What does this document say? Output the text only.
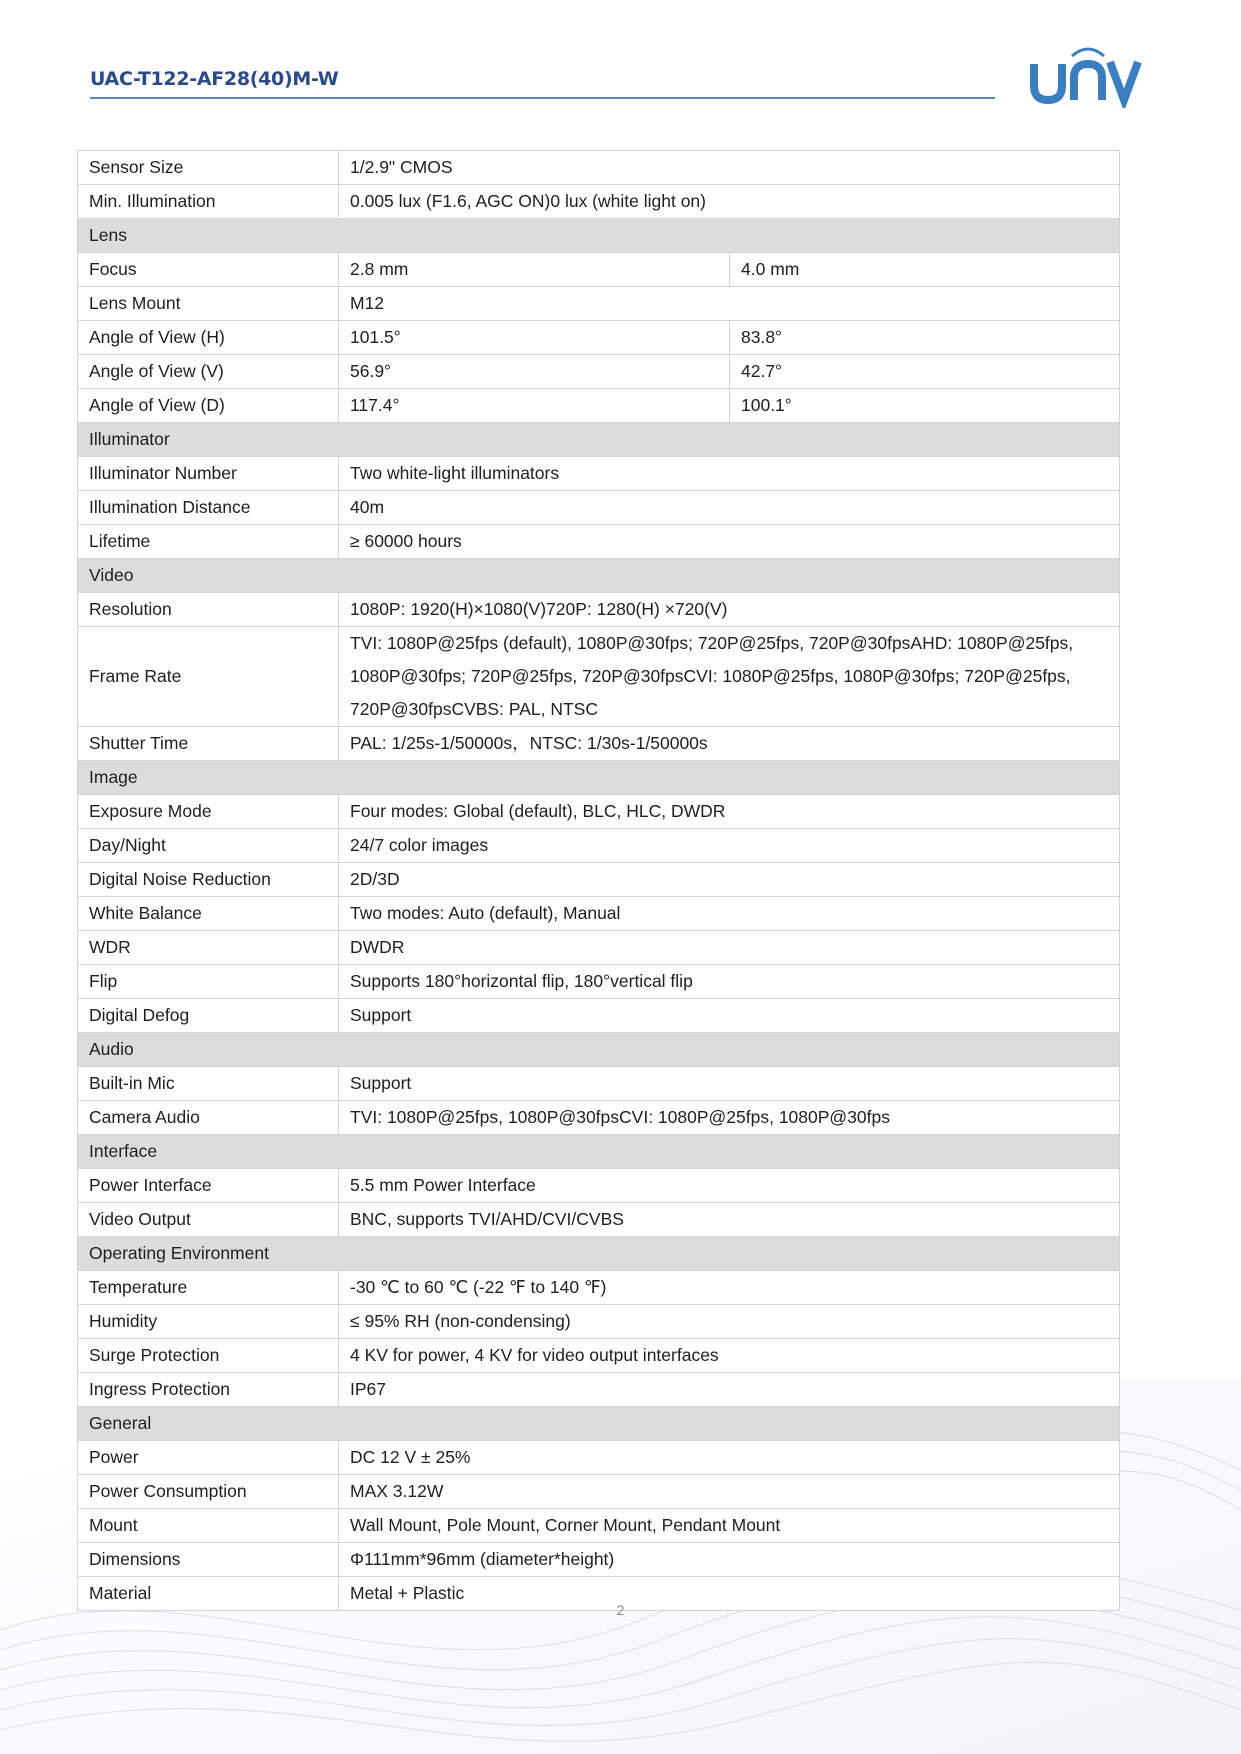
UAC-T122-AF28(40)M-W
Sensor Size	1/2.9" CMOS	
Min. Illumination	0.005 lux (F1.6, AGC ON)0 lux (white light on)	
Lens		
Focus	2.8 mm	4.0 mm
Lens Mount	M12	
Angle of View (H)	101.5°	83.8°
Angle of View (V)	56.9°	42.7°
Angle of View (D)	117.4°	100.1°
Illuminator		
Illuminator Number	Two white-light illuminators	
Illumination Distance	40m	
Lifetime	≥ 60000 hours	
Video		
Resolution	1080P: 1920(H)×1080(V)720P: 1280(H) ×720(V)	
Frame Rate	TVI: 1080P@25fps (default), 1080P@30fps; 720P@25fps, 720P@30fpsAHD: 1080P@25fps,
1080P@30fps; 720P@25fps, 720P@30fpsCVI: 1080P@25fps, 1080P@30fps; 720P@25fps,
720P@30fpsCVBS: PAL, NTSC	

Shutter Time	PAL: 1/25s-1/50000s，NTSC: 1/30s-1/50000s	
Image		
Exposure Mode	Four modes: Global (default), BLC, HLC, DWDR	
Day/Night	24/7 color images	
Digital Noise Reduction	2D/3D	
White Balance	Two modes: Auto (default), Manual	
WDR	DWDR	
Flip	Supports 180°horizontal flip, 180°vertical flip	
Digital Defog	Support	
Audio		
Built-in Mic	Support	
Camera Audio	TVI: 1080P@25fps, 1080P@30fpsCVI: 1080P@25fps, 1080P@30fps	
Interface		
Power Interface	5.5 mm Power Interface	
Video Output	BNC, supports TVI/AHD/CVI/CVBS	
Operating Environment		
Temperature	-30 ℃ to 60 ℃ (-22 ℉ to 140 ℉)	
Humidity	≤ 95% RH (non-condensing)	
Surge Protection	4 KV for power, 4 KV for video output interfaces	
Ingress Protection	IP67	
General		
Power	DC 12 V ± 25%	
Power Consumption	MAX 3.12W	
Mount	Wall Mount, Pole Mount, Corner Mount, Pendant Mount	
Dimensions	Φ111mm*96mm (diameter*height)	
Material	Metal + Plastic	
2
